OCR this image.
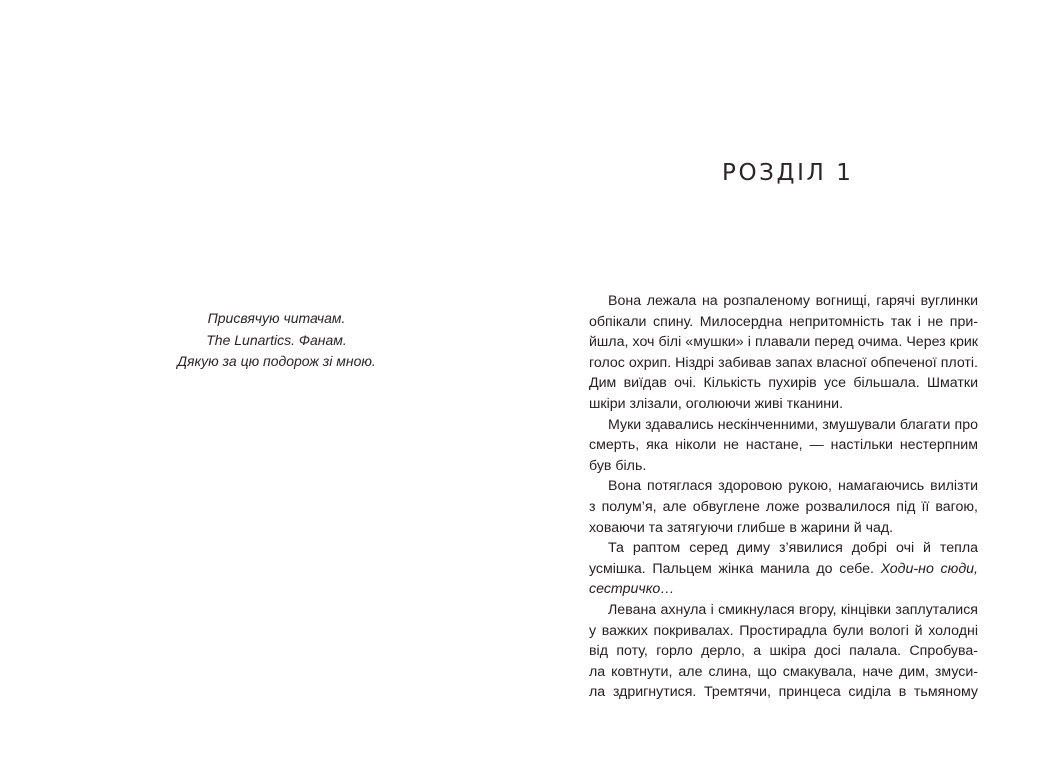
Присвячую читачам.
The Lunartics. Фанам.
Дякую за цю подорож зі мною.
РОЗДІЛ 1
Вона лежала на розпаленому вогнищі, гарячі вуглинки
обпікали спину. Милосердна непритомність так і не при-
йшла, хоч білі «мушки» і плавали перед очима. Через крик
голос охрип. Ніздрі забивав запах власної обпеченої плоті.
Дим виїдав очі. Кількість пухирів усе більшала. Шматки
шкіри злізали, оголюючи живі тканини.
Муки здавались нескінченними, змушували благати про
смерть, яка ніколи не настане, — настільки нестерпним
був біль.
Вона потяглася здоровою рукою, намагаючись вилізти
з полум’я, але обвуглене ложе розвалилося під її вагою,
ховаючи та затягуючи глибше в жарини й чад.
Та раптом серед диму з’явилися добрі очі й тепла
усмішка. Пальцем жінка манила до себе. Ходи-но сюди,
сестричко…
Левана ахнула і смикнулася вгору, кінцівки заплуталися
у важких покривалах. Простирадла були вологі й холодні
від поту, горло дерло, а шкіра досі палала. Спробува-
ла ковтнути, але слина, що смакувала, наче дим, змуси-
ла здригнутися. Тремтячи, принцеса сиділа в тьмяному
